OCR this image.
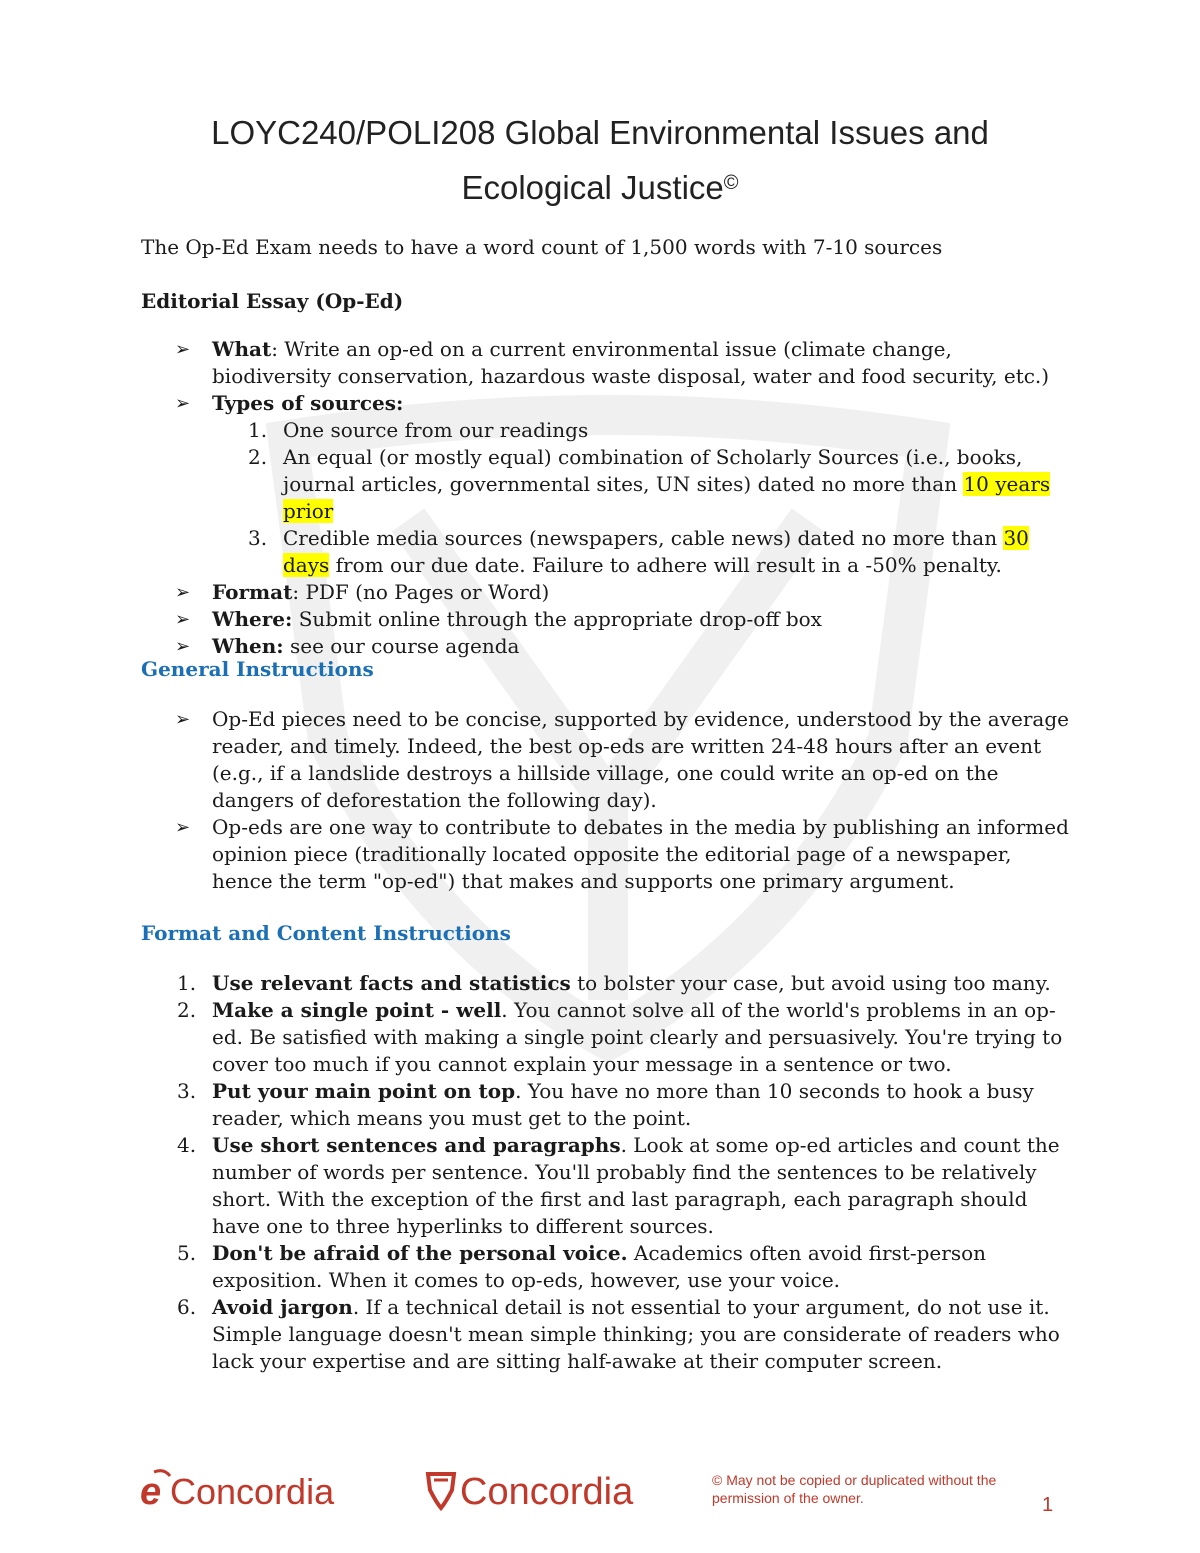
LOYC240/POLI208 Global Environmental Issues and
Ecological Justice©
The Op-Ed Exam needs to have a word count of 1,500 words with 7-10 sources
Editorial Essay (Op-Ed)
➢	What: Write an op-ed on a current environmental issue (climate change, biodiversity conservation, hazardous waste disposal, water and food security, etc.)
➢	Types of sources:
1. One source from our readings
2. An equal (or mostly equal) combination of Scholarly Sources (i.e., books, journal articles, governmental sites, UN sites) dated no more than 10 years prior
3. Credible media sources (newspapers, cable news) dated no more than 30 days from our due date. Failure to adhere will result in a -50% penalty.
➢	Format: PDF (no Pages or Word)
➢	Where: Submit online through the appropriate drop-off box
➢	When: see our course agenda
General Instructions
➢	Op-Ed pieces need to be concise, supported by evidence, understood by the average reader, and timely. Indeed, the best op-eds are written 24-48 hours after an event (e.g., if a landslide destroys a hillside village, one could write an op-ed on the dangers of deforestation the following day).
➢	Op-eds are one way to contribute to debates in the media by publishing an informed opinion piece (traditionally located opposite the editorial page of a newspaper, hence the term "op-ed") that makes and supports one primary argument.
Format and Content Instructions
1. Use relevant facts and statistics to bolster your case, but avoid using too many.
2. Make a single point - well. You cannot solve all of the world's problems in an op-ed. Be satisfied with making a single point clearly and persuasively. You're trying to cover too much if you cannot explain your message in a sentence or two.
3. Put your main point on top. You have no more than 10 seconds to hook a busy reader, which means you must get to the point.
4. Use short sentences and paragraphs. Look at some op-ed articles and count the number of words per sentence. You'll probably find the sentences to be relatively short. With the exception of the first and last paragraph, each paragraph should have one to three hyperlinks to different sources.
5. Don't be afraid of the personal voice. Academics often avoid first-person exposition. When it comes to op-eds, however, use your voice.
6. Avoid jargon. If a technical detail is not essential to your argument, do not use it. Simple language doesn't mean simple thinking; you are considerate of readers who lack your expertise and are sitting half-awake at their computer screen.
e Concordia	Concordia	© May not be copied or duplicated without the permission of the owner.	1
